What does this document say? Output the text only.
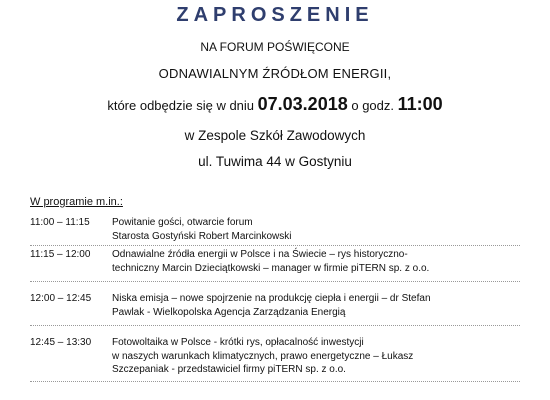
ZAPROSZENIE
NA FORUM POŚWIĘCONE
ODNAWIALNYM ŹRÓDŁOM ENERGII,
które odbędzie się w dniu 07.03.2018 o godz. 11:00
w Zespole Szkół Zawodowych
ul. Tuwima 44 w Gostyniu
W programie m.in.:
11:00 – 11:15 Powitanie gości, otwarcie forum
Starosta Gostyński Robert Marcinkowski
11:15 – 12:00 Odnawialne źródła energii w Polsce i na Świecie – rys historyczno-
techniczny Marcin Dzieciątkowski – manager w firmie piTERN sp. z o.o.
12:00 – 12:45 Niska emisja – nowe spojrzenie na produkcję ciepła i energii – dr Stefan
Pawlak - Wielkopolska Agencja Zarządzania Energią
12:45 – 13:30 Fotowoltaika w Polsce - krótki rys, opłacalność inwestycji
w naszych warunkach klimatycznych, prawo energetyczne – Łukasz
Szczepaniak - przedstawiciel firmy piTERN sp. z o.o.
